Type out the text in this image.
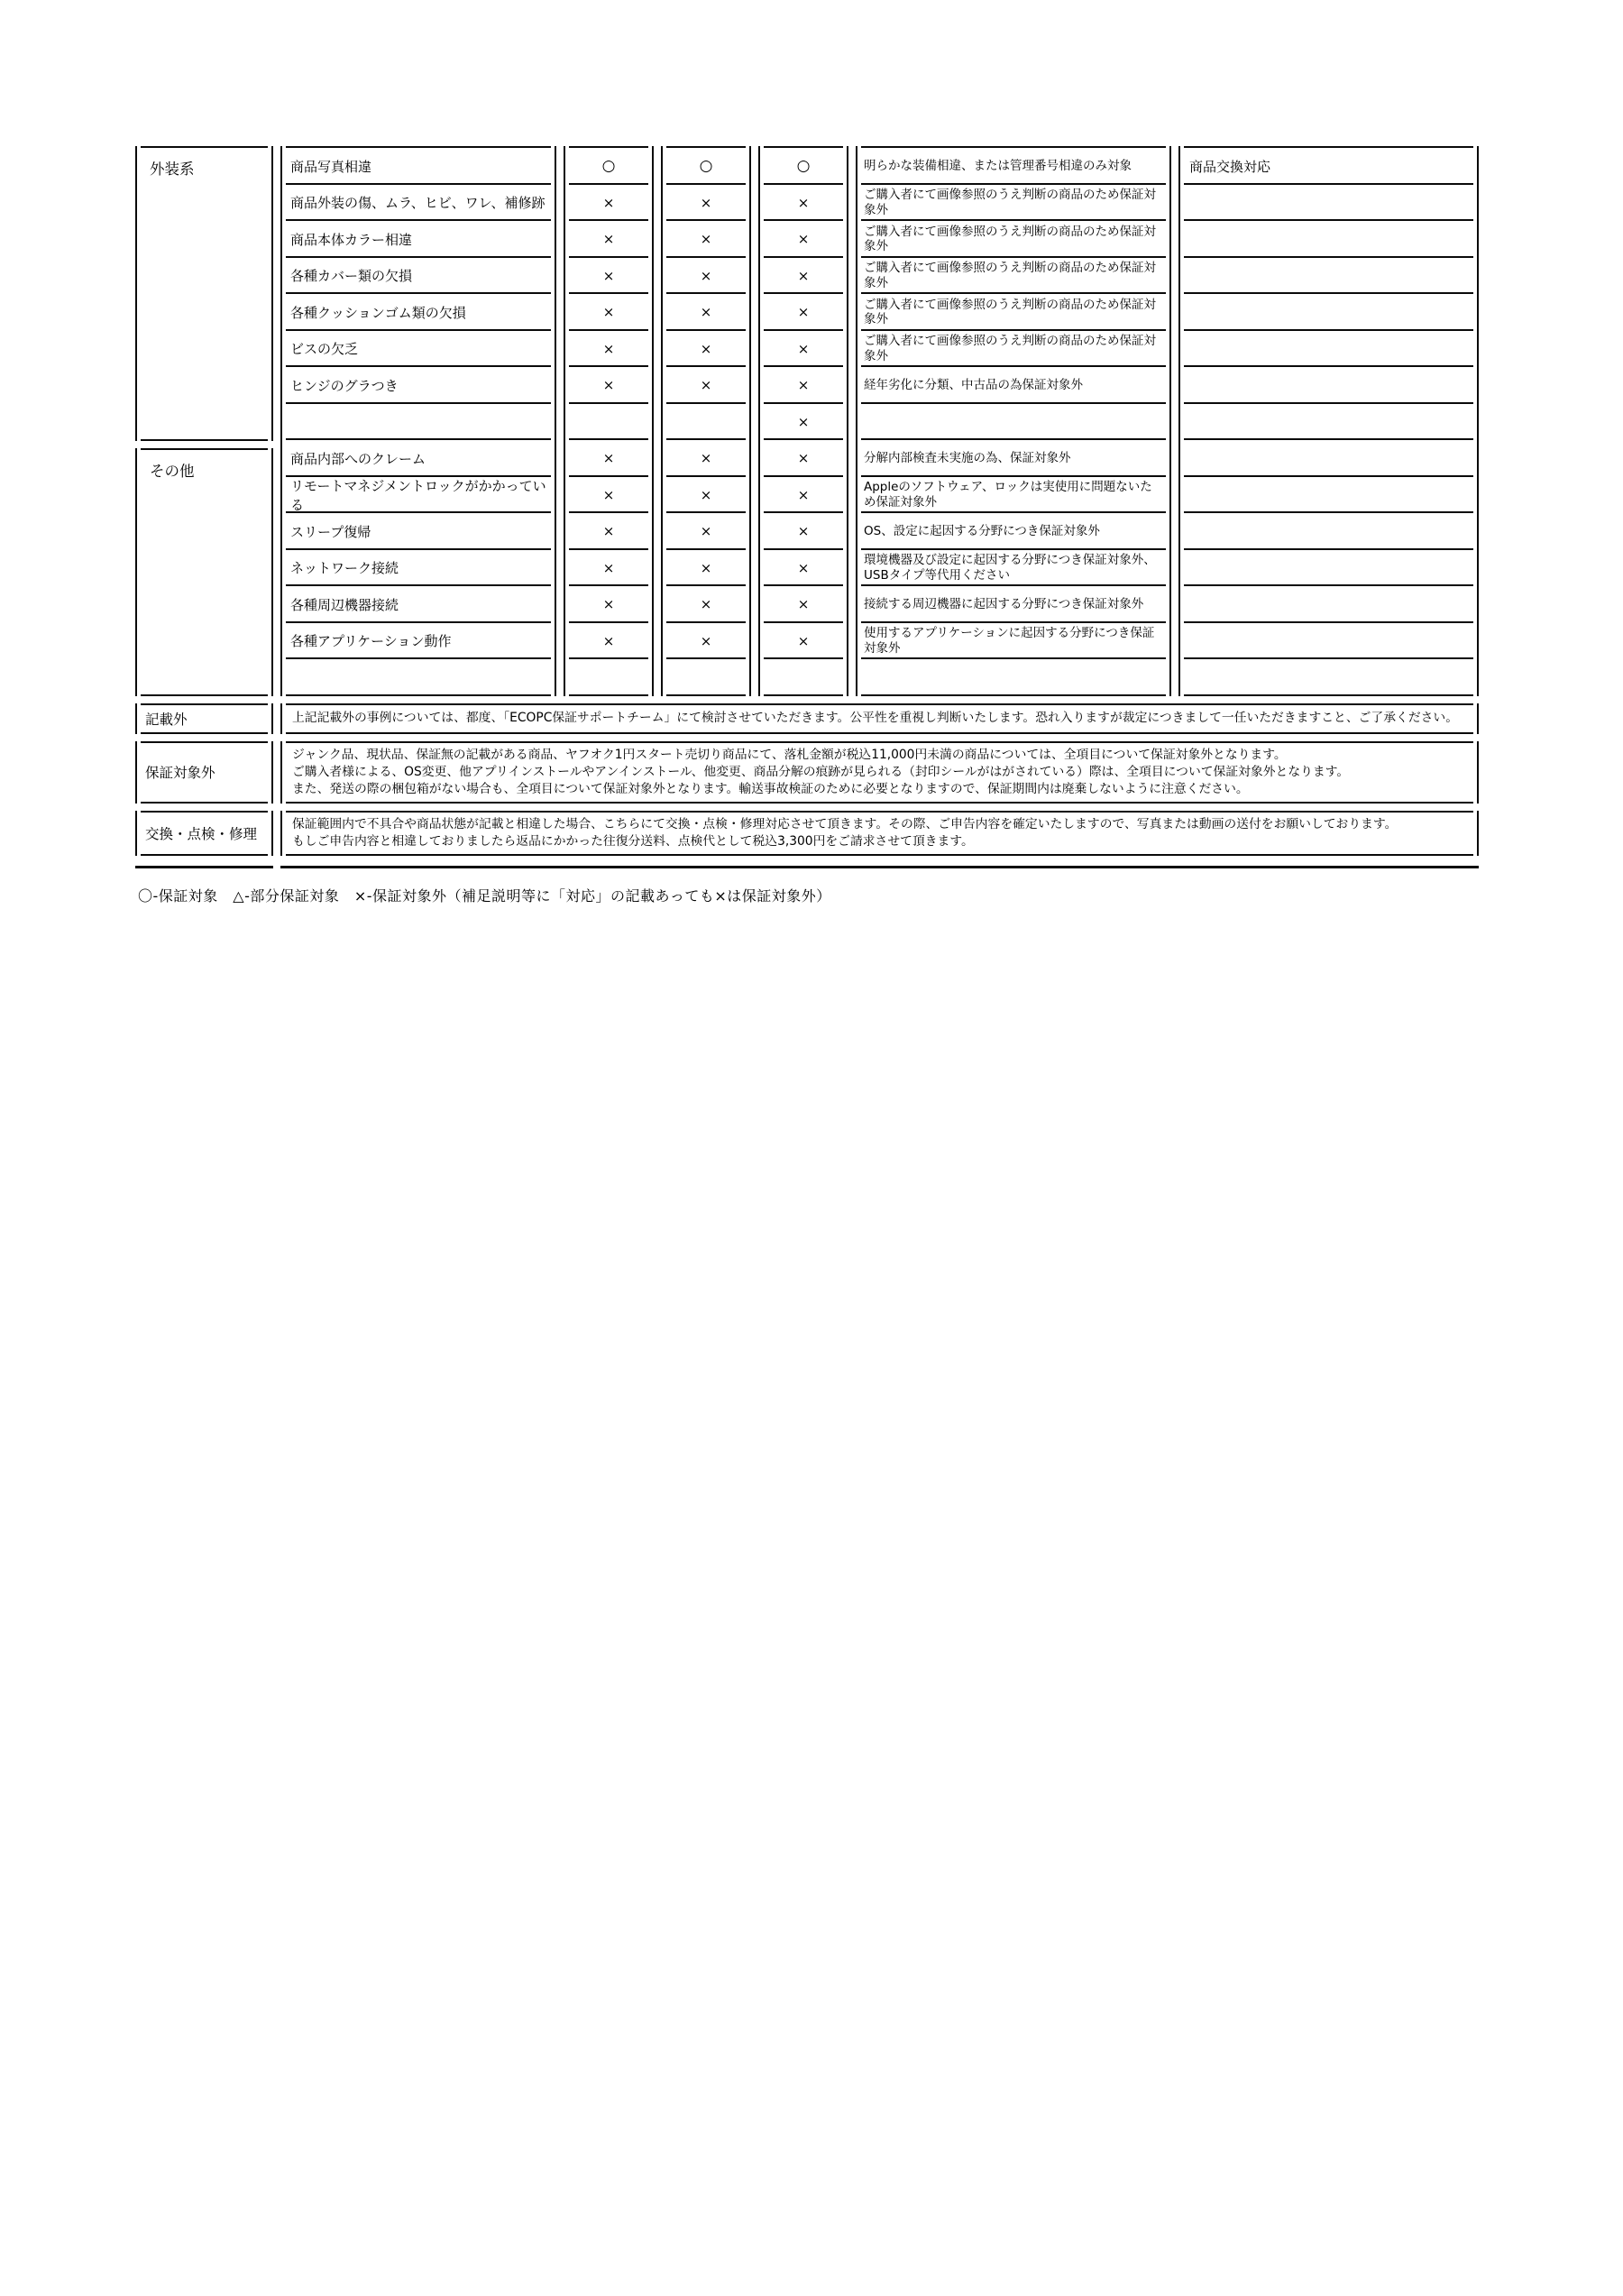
外装系
その他
商品写真相違
商品外装の傷、ムラ、ヒビ、ワレ、補修跡
商品本体カラー相違
各種カバー類の欠損
各種クッションゴム類の欠損
ビスの欠乏
ヒンジのグラつき
商品内部へのクレーム
リモートマネジメントロックがかかっている
スリープ復帰
ネットワーク接続
各種周辺機器接続
各種アプリケーション動作
○
×
×
×
×
×
×
×
×
×
×
×
×
○
×
×
×
×
×
×
×
×
×
×
×
×
○
×
×
×
×
×
×
×
×
×
×
×
×
×
明らかな装備相違、または管理番号相違のみ対象
ご購入者にて画像参照のうえ判断の商品のため保証対象外
ご購入者にて画像参照のうえ判断の商品のため保証対象外
ご購入者にて画像参照のうえ判断の商品のため保証対象外
ご購入者にて画像参照のうえ判断の商品のため保証対象外
ご購入者にて画像参照のうえ判断の商品のため保証対象外
経年劣化に分類、中古品の為保証対象外
分解内部検査未実施の為、保証対象外
Appleのソフトウェア、ロックは実使用に問題ないため保証対象外
OS、設定に起因する分野につき保証対象外
環境機器及び設定に起因する分野につき保証対象外、USBタイプ等代用ください
接続する周辺機器に起因する分野につき保証対象外
使用するアプリケーションに起因する分野につき保証対象外
商品交換対応
記載外	上記記載外の事例については、都度、「ECOPC保証サポートチーム」にて検討させていただきます。公平性を重視し判断いたします。恐れ入りますが裁定につきまして一任いただきますこと、ご了承ください。
保証対象外
ジャンク品、現状品、保証無の記載がある商品、ヤフオク1円スタート売切り商品にて、落札金額が税込11,000円未満の商品については、全項目について保証対象外となります。
ご購入者様による、OS変更、他アプリインストールやアンインストール、他変更、商品分解の痕跡が見られる（封印シールがはがされている）際は、全項目について保証対象外となります。
また、発送の際の梱包箱がない場合も、全項目について保証対象外となります。輸送事故検証のために必要となりますので、保証期間内は廃棄しないように注意ください。
交換・点検・修理
保証範囲内で不具合や商品状態が記載と相違した場合、こちらにて交換・点検・修理対応させて頂きます。その際、ご申告内容を確定いたしますので、写真または動画の送付をお願いしております。
もしご申告内容と相違しておりましたら返品にかかった往復分送料、点検代として税込3,300円をご請求させて頂きます。
〇-保証対象　△-部分保証対象　×-保証対象外（補足説明等に「対応」の記載あっても×は保証対象外）
